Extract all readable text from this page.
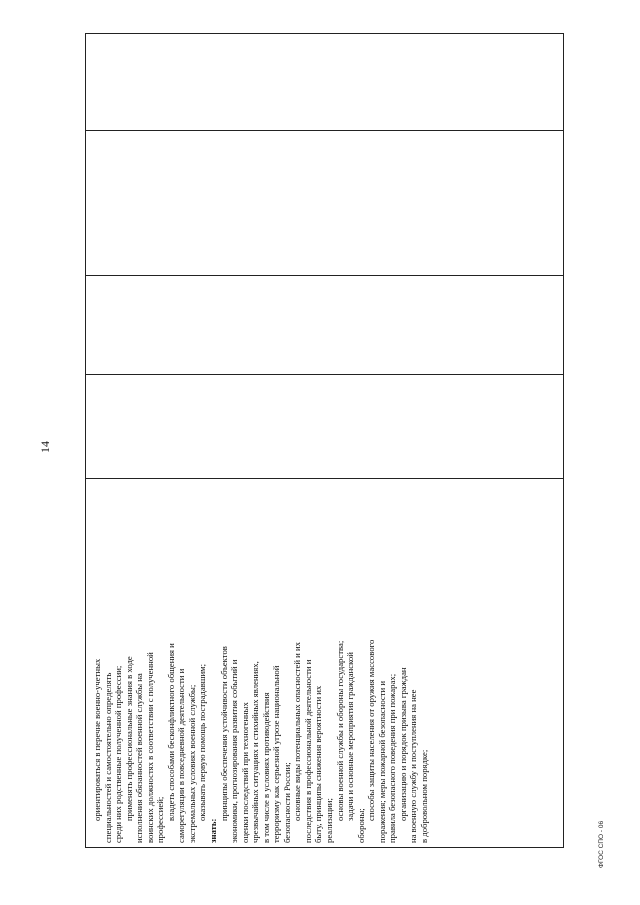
14

ориентироваться в перечне военно-учетных специальностей и самостоятельно определять среди них родственные полученной профессии; применять профессиональные знания в ходе исполнения обязанностей военной службы на воинских должностях в соответствии с полученной профессией; владеть способами бесконфликтного общения и саморегуляции в повседневной деятельности и экстремальных условиях военной службы; оказывать первую помощь пострадавшим;

знать:

принципы обеспечения устойчивости объектов экономики, прогнозирования развития событий и оценки последствий при техногенных чрезвычайных ситуациях и стихийных явлениях, в том числе в условиях противодействия терроризму как серьезной угрозе национальной безопасности России; основные виды потенциальных опасностей и их последствия в профессиональной деятельности и быту, принципы снижения вероятности их реализации; основы военной службы и обороны государства; задачи и основные мероприятия гражданской

обороны;

способы защиты населения от оружия массового поражения; меры пожарной безопасности и правила безопасного поведения при пожарах; организацию и порядок призыва граждан на военную службу и поступления на нее в добровольном порядке;

ФГОС СПО - 06
